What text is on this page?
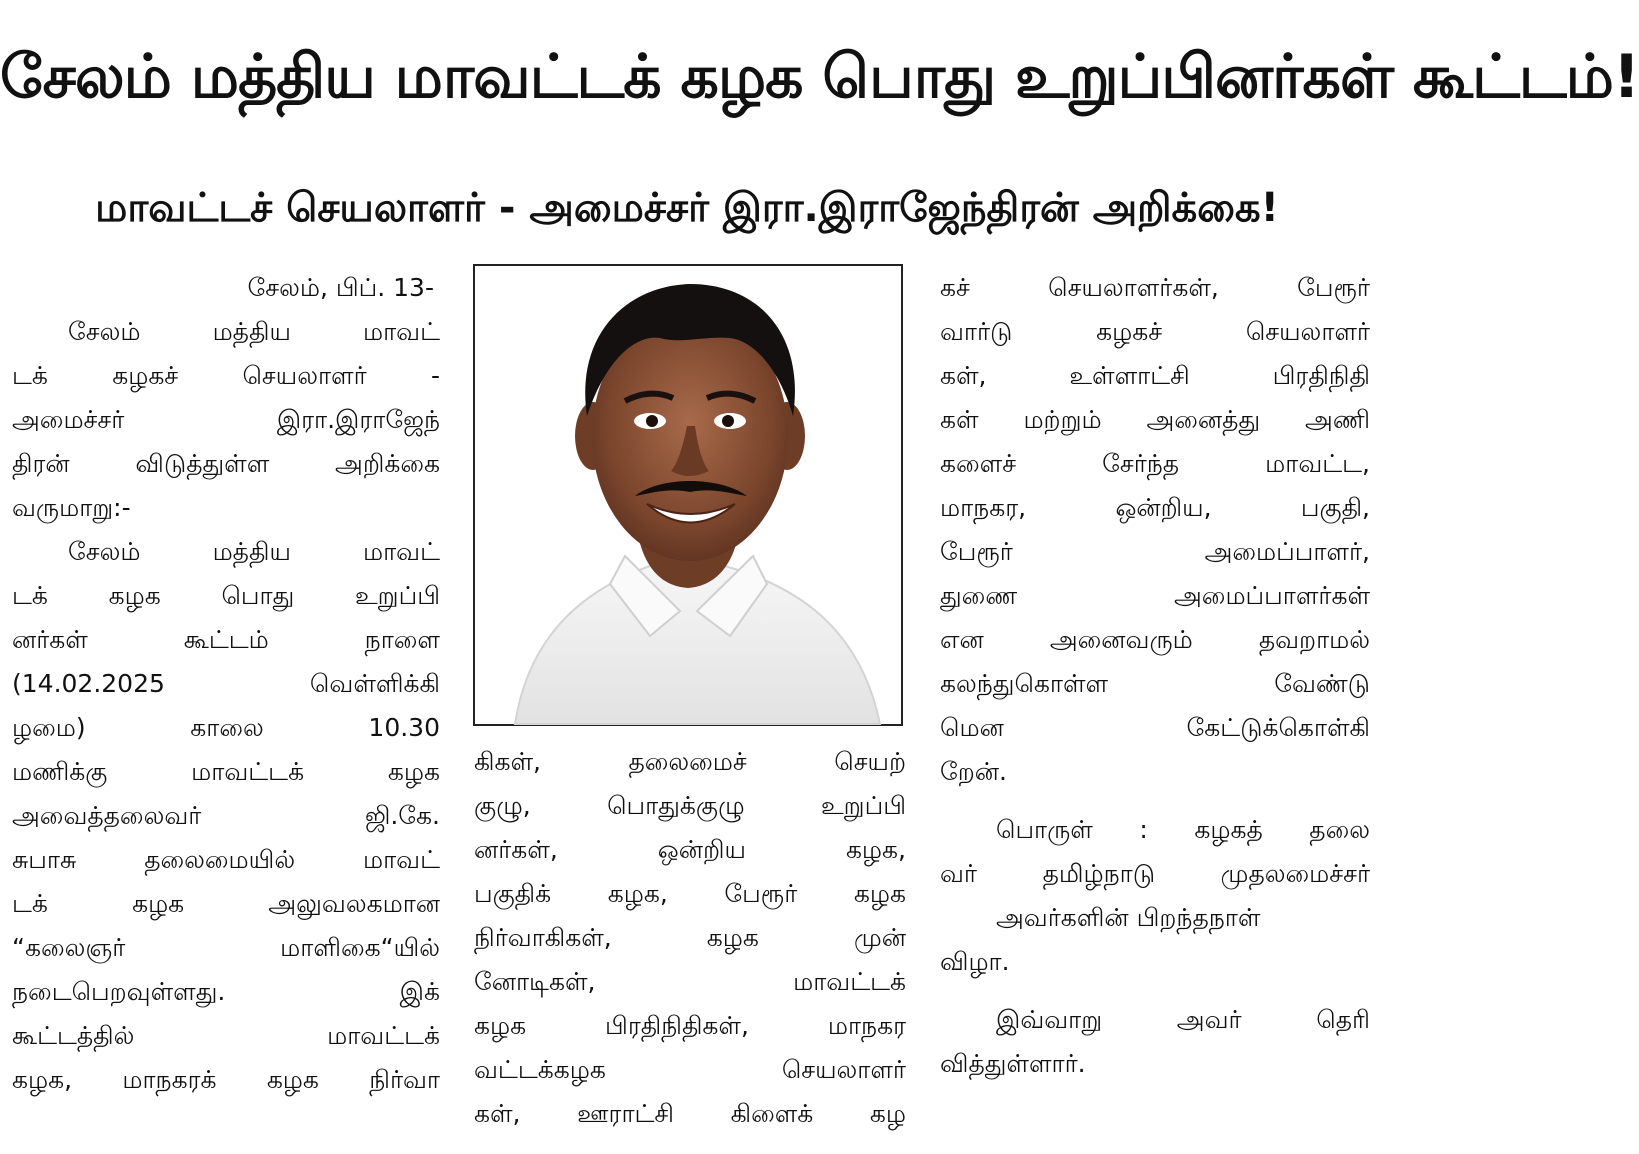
சேலம் மத்திய மாவட்டக் கழக பொது உறுப்பினர்கள் கூட்டம்!
மாவட்டச் செயலாளர் - அமைச்சர் இரா.இராஜேந்திரன் அறிக்கை!
சேலம், பிப். 13-
சேலம் மத்திய மாவட்
டக் கழகச் செயலாளர் -
அமைச்சர் இரா.இராஜேந்
திரன் விடுத்துள்ள அறிக்கை
வருமாறு:-
சேலம் மத்திய மாவட்
டக் கழக பொது உறுப்பி
னர்கள் கூட்டம் நாளை
(14.02.2025 வெள்ளிக்கி
ழமை) காலை 10.30
மணிக்கு மாவட்டக் கழக
அவைத்தலைவர் ஜி.கே.
சுபாசு தலைமையில் மாவட்
டக் கழக அலுவலகமான
“கலைஞர் மாளிகை“யில்
நடைபெறவுள்ளது. இக்
கூட்டத்தில் மாவட்டக்
கழக, மாநகரக் கழக நிர்வா
கிகள், தலைமைச் செயற்
குழு, பொதுக்குழு உறுப்பி
னர்கள், ஒன்றிய கழக,
பகுதிக் கழக, பேரூர் கழக
நிர்வாகிகள், கழக முன்
னோடிகள், மாவட்டக்
கழக பிரதிநிதிகள், மாநகர
வட்டக்கழக செயலாளர்
கள், ஊராட்சி கிளைக் கழ
கச் செயலாளர்கள், பேரூர்
வார்டு கழகச் செயலாளர்
கள், உள்ளாட்சி பிரதிநிதி
கள் மற்றும் அனைத்து அணி
களைச் சேர்ந்த மாவட்ட,
மாநகர, ஒன்றிய, பகுதி,
பேரூர் அமைப்பாளர்,
துணை அமைப்பாளர்கள்
என அனைவரும் தவறாமல்
கலந்துகொள்ள வேண்டு
மென கேட்டுக்கொள்கி
றேன்.
பொருள் : கழகத் தலை
வர் தமிழ்நாடு முதலமைச்சர்
அவர்களின் பிறந்தநாள்
விழா.
இவ்வாறு அவர் தெரி
வித்துள்ளார்.
